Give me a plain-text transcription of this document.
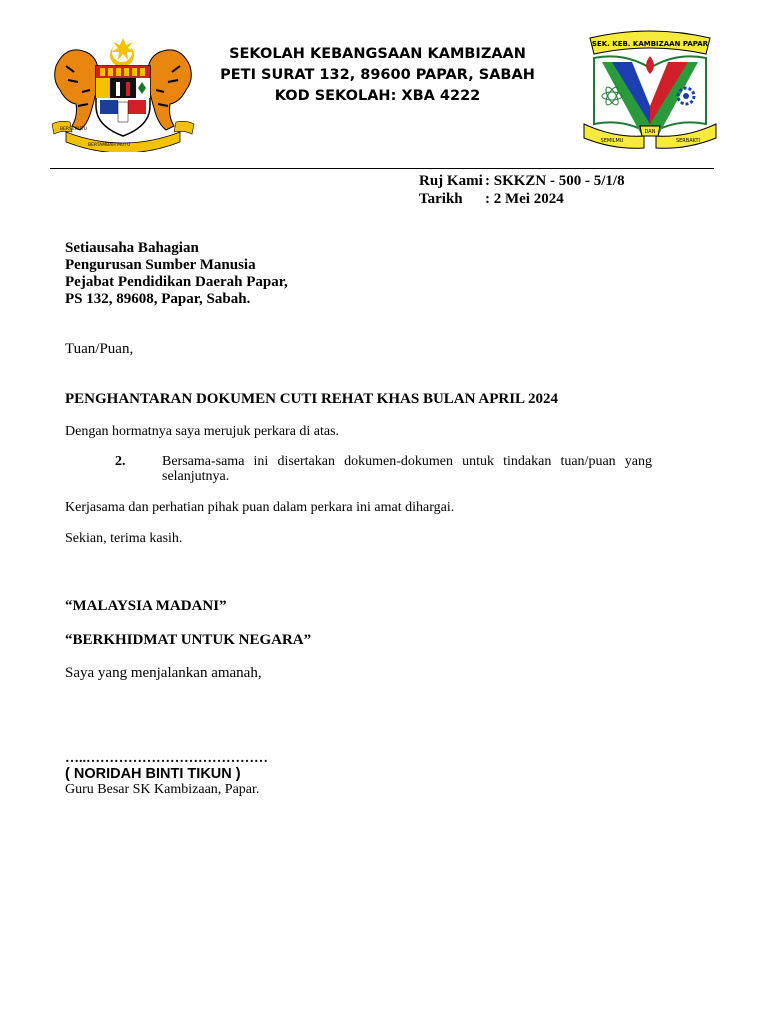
BERSEKUTU
BERTAMBAH MUTU
SEKOLAH KEBANGSAAN KAMBIZAAN
PETI SURAT 132, 89600 PAPAR, SABAH
KOD SEKOLAH: XBA 4222
SEK. KEB. KAMBIZAAN PAPAR
SEMILMU
DAN
SERBAKTI
Ruj Kami : SKKZN - 500 - 5/1/8
Tarikh : 2 Mei 2024
Setiausaha Bahagian
Pengurusan Sumber Manusia
Pejabat Pendidikan Daerah Papar,
PS 132, 89608, Papar, Sabah.
Tuan/Puan,
PENGHANTARAN DOKUMEN CUTI REHAT KHAS BULAN APRIL 2024
Dengan hormatnya saya merujuk perkara di atas.
2.	Bersama-sama ini disertakan dokumen-dokumen untuk tindakan tuan/puan yang
selanjutnya.
Kerjasama dan perhatian pihak puan dalam perkara ini amat dihargai.
Sekian, terima kasih.
“MALAYSIA MADANI”
“BERKHIDMAT UNTUK NEGARA”
Saya yang menjalankan amanah,
…..…………………………………
( NORIDAH BINTI TIKUN )
Guru Besar SK Kambizaan, Papar.
